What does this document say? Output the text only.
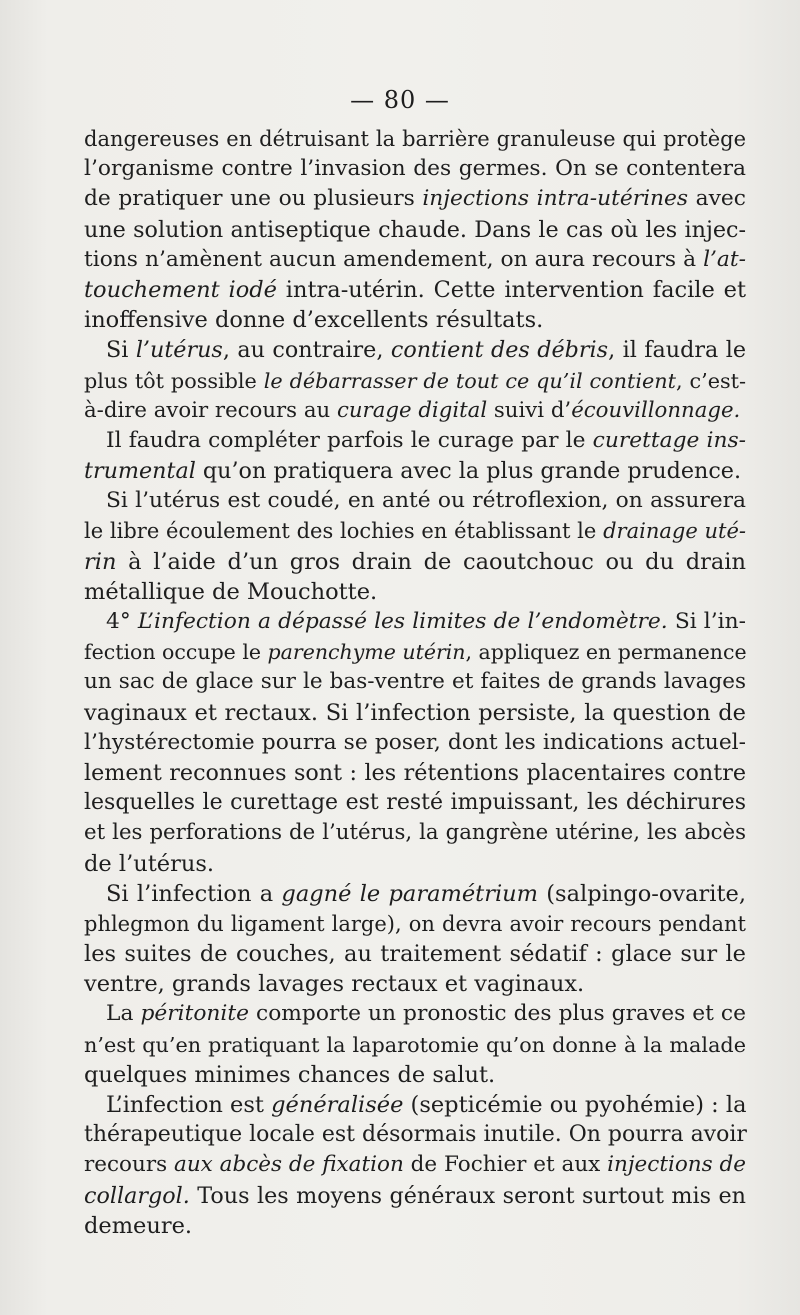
— 80 —
dangereuses en détruisant la barrière granuleuse qui protège
l’organisme contre l’invasion des germes. On se contentera
de pratiquer une ou plusieurs injections intra-utérines avec
une solution antiseptique chaude. Dans le cas où les injec-
tions n’amènent aucun amendement, on aura recours à l’at-
touchement iodé intra-utérin. Cette intervention facile et
inoffensive donne d’excellents résultats.
Si l’utérus, au contraire, contient des débris, il faudra le
plus tôt possible le débarrasser de tout ce qu’il contient, c’est-
à-dire avoir recours au curage digital suivi d’écouvillonnage.
Il faudra compléter parfois le curage par le curettage ins-
trumental qu’on pratiquera avec la plus grande prudence.
Si l’utérus est coudé, en anté ou rétroflexion, on assurera
le libre écoulement des lochies en établissant le drainage uté-
rin à l’aide d’un gros drain de caoutchouc ou du drain
métallique de Mouchotte.
4° L’infection a dépassé les limites de l’endomètre. Si l’in-
fection occupe le parenchyme utérin, appliquez en permanence
un sac de glace sur le bas-ventre et faites de grands lavages
vaginaux et rectaux. Si l’infection persiste, la question de
l’hystérectomie pourra se poser, dont les indications actuel-
lement reconnues sont : les rétentions placentaires contre
lesquelles le curettage est resté impuissant, les déchirures
et les perforations de l’utérus, la gangrène utérine, les abcès
de l’utérus.
Si l’infection a gagné le paramétrium (salpingo-ovarite,
phlegmon du ligament large), on devra avoir recours pendant
les suites de couches, au traitement sédatif : glace sur le
ventre, grands lavages rectaux et vaginaux.
La péritonite comporte un pronostic des plus graves et ce
n’est qu’en pratiquant la laparotomie qu’on donne à la malade
quelques minimes chances de salut.
L’infection est généralisée (septicémie ou pyohémie) : la
thérapeutique locale est désormais inutile. On pourra avoir
recours aux abcès de fixation de Fochier et aux injections de
collargol. Tous les moyens généraux seront surtout mis en
demeure.
